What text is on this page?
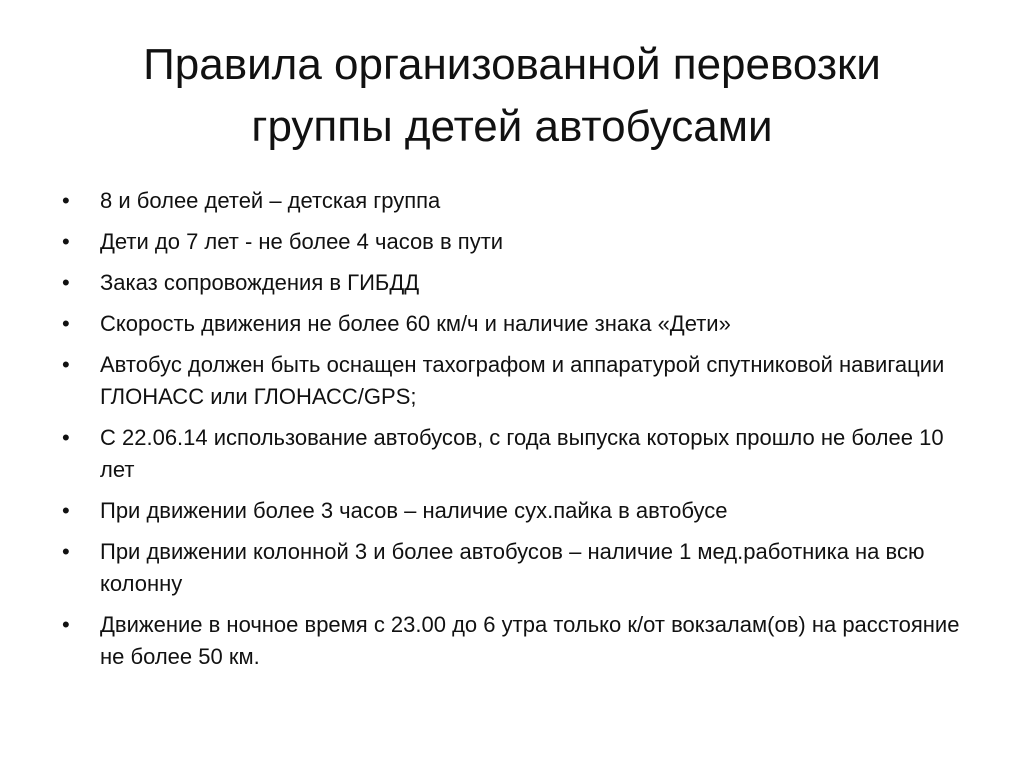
Правила организованной перевозки
группы детей автобусами
•	8 и более детей – детская группа
•	Дети до 7 лет - не более 4 часов в пути
•	Заказ сопровождения в ГИБДД
•	Скорость движения не более 60 км/ч и наличие знака «Дети»
•	Автобус должен быть оснащен тахографом и аппаратурой спутниковой навигации ГЛОНАСС или ГЛОНАСС/GPS;
•	С 22.06.14 использование автобусов, с года выпуска которых прошло не более 10 лет
•	При движении более 3 часов – наличие сух.пайка в автобусе
•	При движении колонной 3 и более автобусов – наличие 1 мед.работника на всю колонну
•	Движение в ночное время с 23.00 до 6 утра только к/от вокзалам(ов) на расстояние не более 50 км.
